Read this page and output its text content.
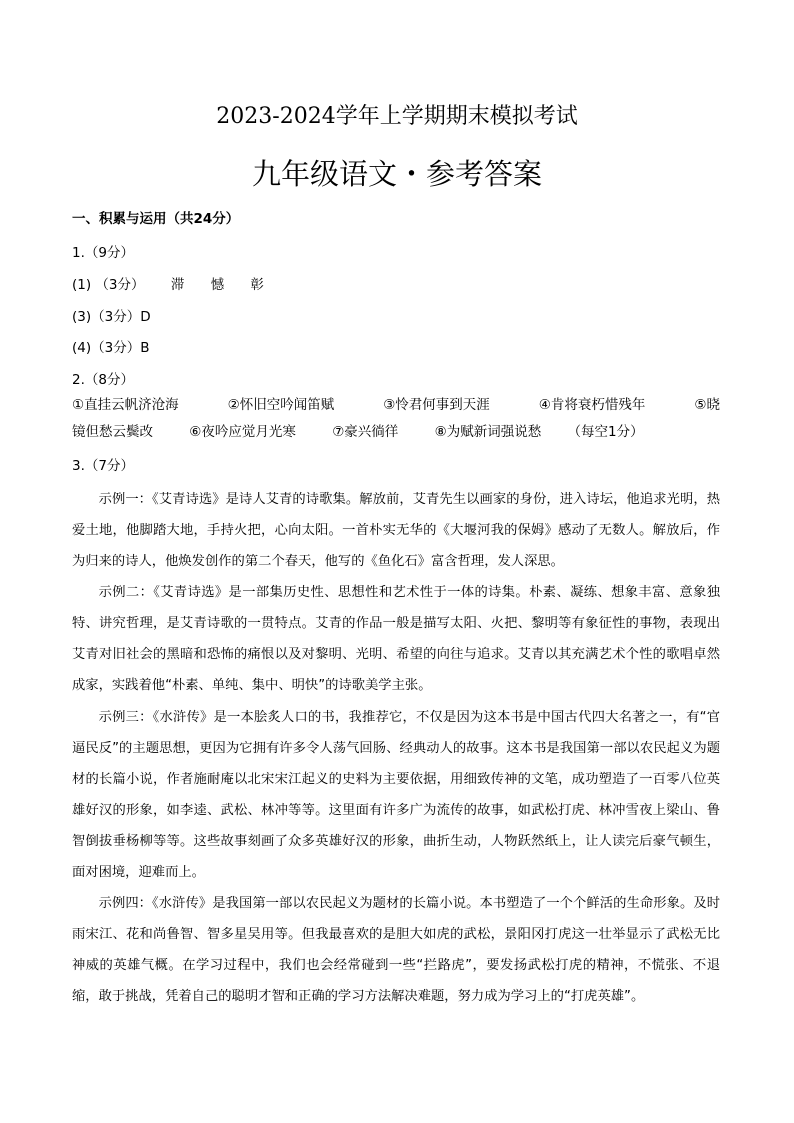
2023-2024学年上学期期末模拟考试
九年级语文・参考答案
一、积累与运用（共24分）
1.（9分）
(1) （3分） 滞 憾 彰
(3)（3分）D
(4)（3分）B
2.（8分）
①直挂云帆济沧海	②怀旧空吟闻笛赋	③怜君何事到天涯	④肯将衰朽惜残年	⑤晓
镜但愁云鬓改	⑥夜吟应觉月光寒	⑦豪兴徜徉	⑧为赋新词强说愁 （每空1分）
3.（7分）
示例一：《艾青诗选》是诗人艾青的诗歌集。解放前，艾青先生以画家的身份，进入诗坛，他追求光明，热爱土地，他脚踏大地，手持火把，心向太阳。一首朴实无华的《大堰河我的保姆》感动了无数人。解放后，作为归来的诗人，他焕发创作的第二个春天，他写的《鱼化石》富含哲理，发人深思。
示例二：《艾青诗选》是一部集历史性、思想性和艺术性于一体的诗集。朴素、凝练、想象丰富、意象独特、讲究哲理，是艾青诗歌的一贯特点。艾青的作品一般是描写太阳、火把、黎明等有象征性的事物，表现出艾青对旧社会的黑暗和恐怖的痛恨以及对黎明、光明、希望的向往与追求。艾青以其充满艺术个性的歌唱卓然成家，实践着他“朴素、单纯、集中、明快”的诗歌美学主张。
示例三：《水浒传》是一本脍炙人口的书，我推荐它，不仅是因为这本书是中国古代四大名著之一，有“官逼民反”的主题思想，更因为它拥有许多令人荡气回肠、经典动人的故事。这本书是我国第一部以农民起义为题材的长篇小说，作者施耐庵以北宋宋江起义的史料为主要依据，用细致传神的文笔，成功塑造了一百零八位英雄好汉的形象，如李逵、武松、林冲等等。这里面有许多广为流传的故事，如武松打虎、林冲雪夜上梁山、鲁智倒拔垂杨柳等等。这些故事刻画了众多英雄好汉的形象，曲折生动，人物跃然纸上，让人读完后豪气顿生，面对困境，迎难而上。
示例四：《水浒传》是我国第一部以农民起义为题材的长篇小说。本书塑造了一个个鲜活的生命形象。及时雨宋江、花和尚鲁智、智多星吴用等。但我最喜欢的是胆大如虎的武松，景阳冈打虎这一壮举显示了武松无比神威的英雄气概。在学习过程中，我们也会经常碰到一些“拦路虎”，要发扬武松打虎的精神，不慌张、不退缩，敢于挑战，凭着自己的聪明才智和正确的学习方法解决难题，努力成为学习上的“打虎英雄”。
